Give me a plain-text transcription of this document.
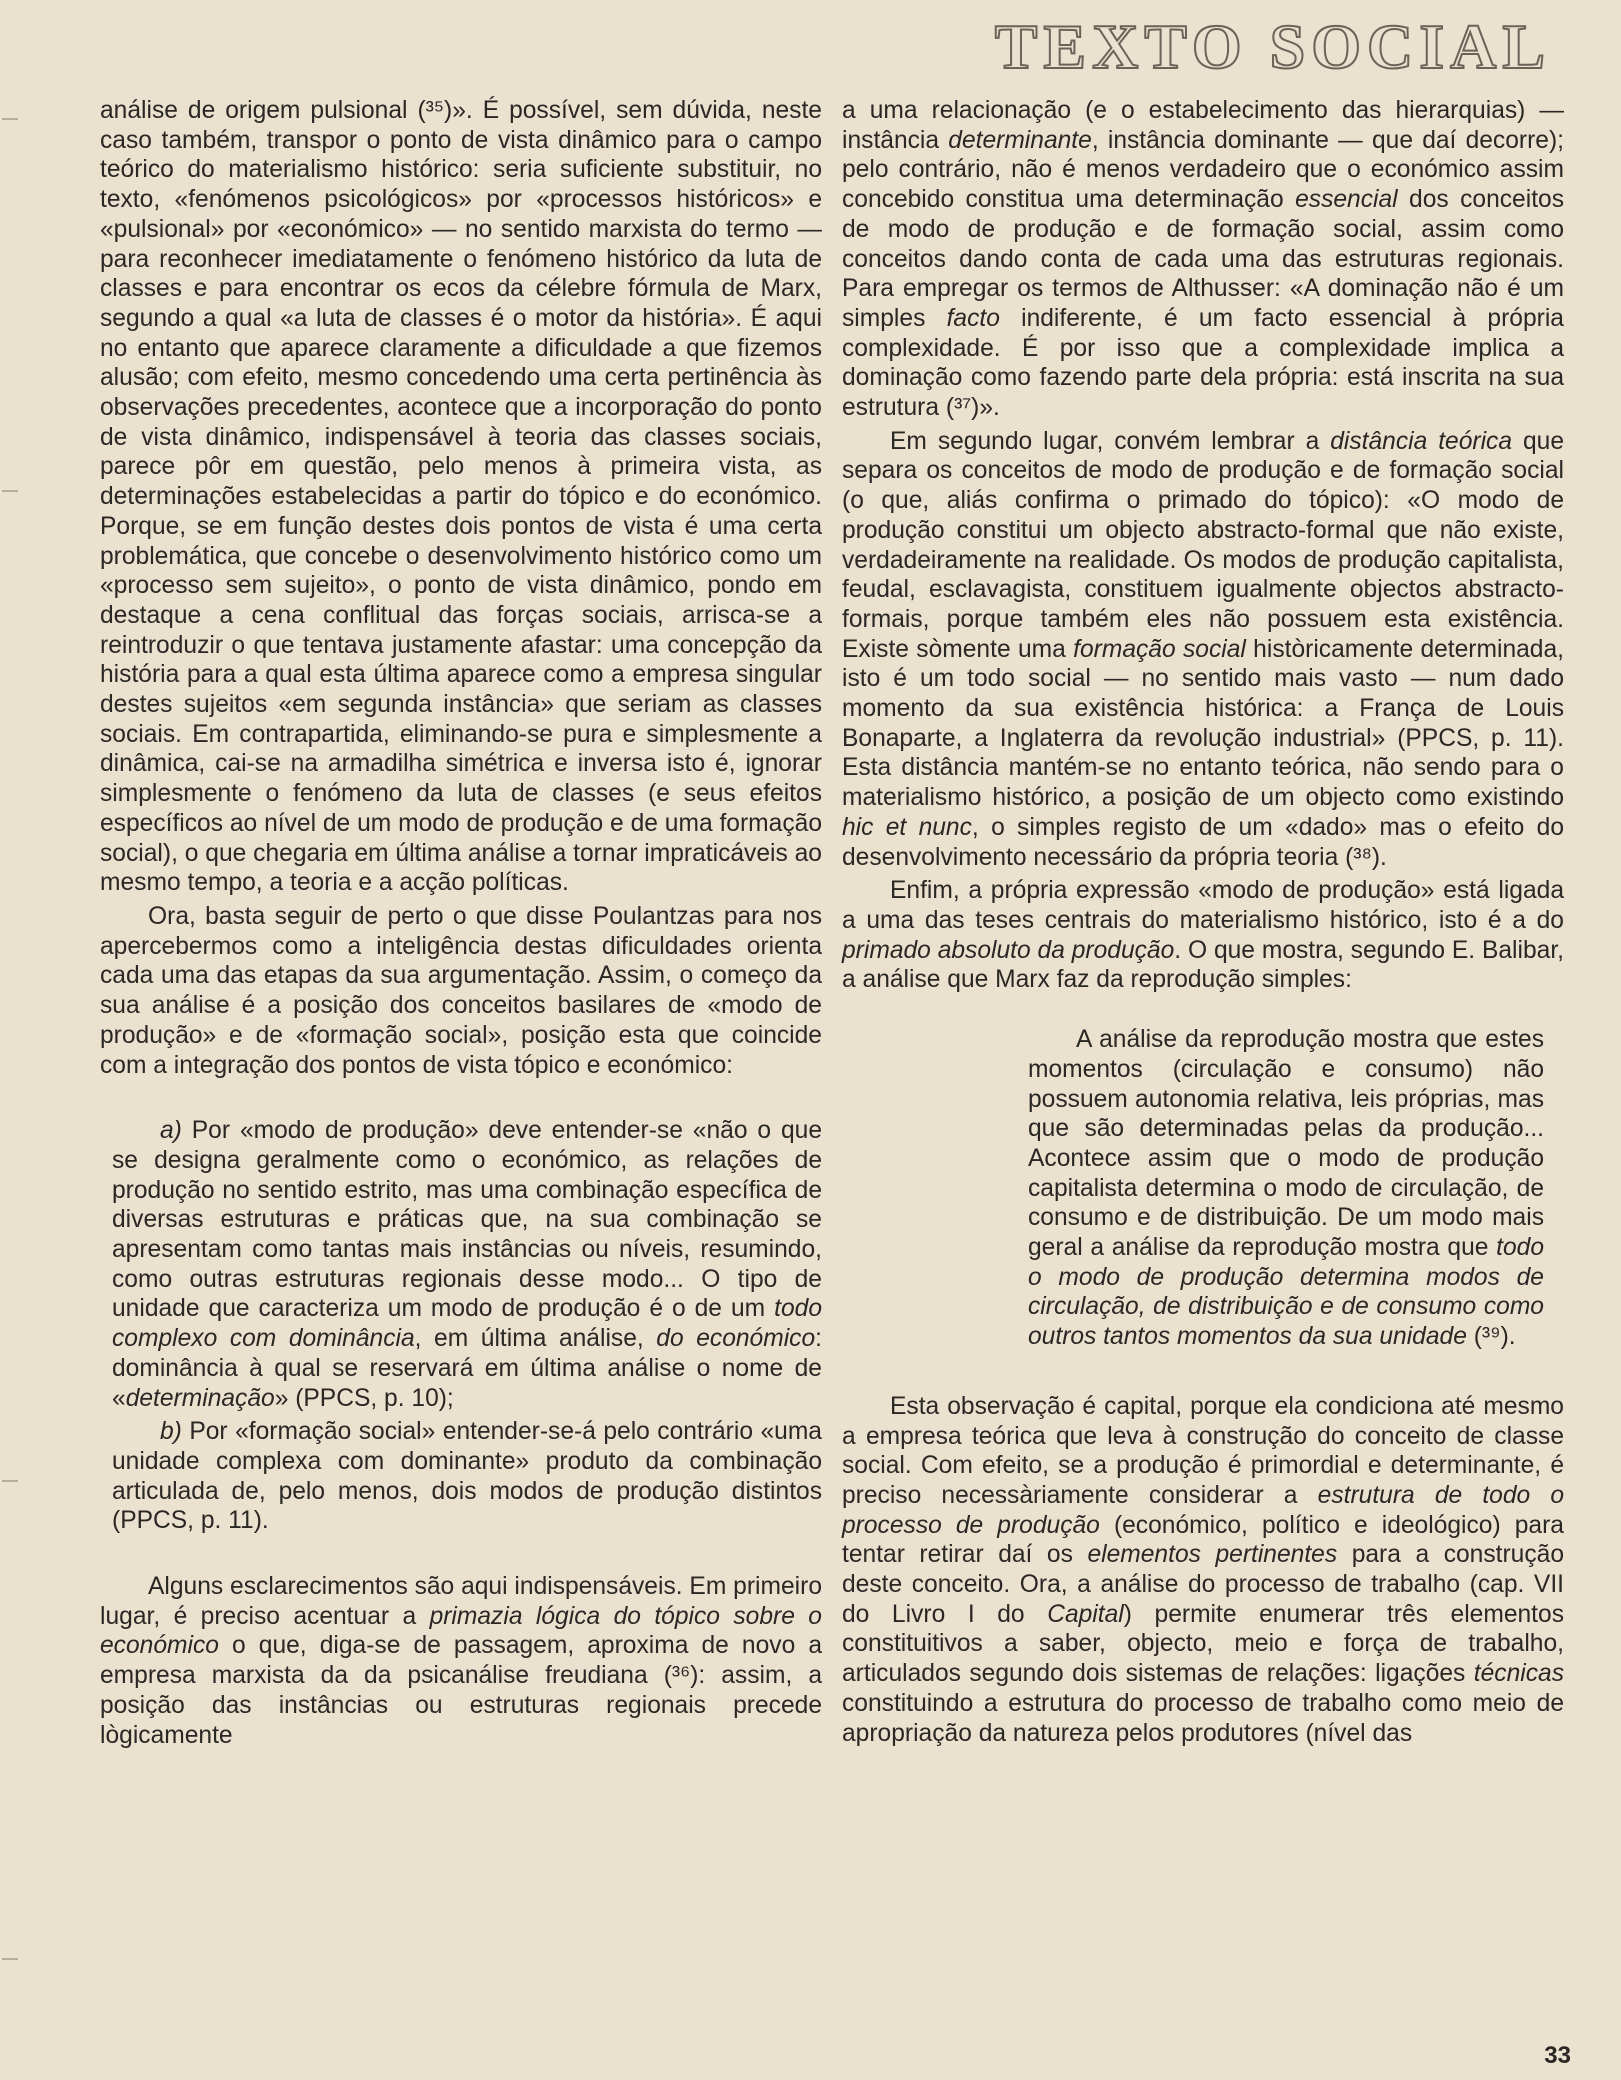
TEXTO SOCIAL

análise de origem pulsional (³⁵)». É possível, sem dúvida, neste caso também, transpor o ponto de vista dinâmico para o campo teórico do materialismo histórico: seria suficiente substituir, no texto, «fenómenos psicológicos» por «processos históricos» e «pulsional» por «económico» — no sentido marxista do termo — para reconhecer imediatamente o fenómeno histórico da luta de classes e para encontrar os ecos da célebre fórmula de Marx, segundo a qual «a luta de classes é o motor da história». É aqui no entanto que aparece claramente a dificuldade a que fizemos alusão; com efeito, mesmo concedendo uma certa pertinência às observações precedentes, acontece que a incorporação do ponto de vista dinâmico, indispensável à teoria das classes sociais, parece pôr em questão, pelo menos à primeira vista, as determinações estabelecidas a partir do tópico e do económico. Porque, se em função destes dois pontos de vista é uma certa problemática, que concebe o desenvolvimento histórico como um «processo sem sujeito», o ponto de vista dinâmico, pondo em destaque a cena conflitual das forças sociais, arrisca-se a reintroduzir o que tentava justamente afastar: uma concepção da história para a qual esta última aparece como a empresa singular destes sujeitos «em segunda instância» que seriam as classes sociais. Em contrapartida, eliminando-se pura e simplesmente a dinâmica, cai-se na armadilha simétrica e inversa isto é, ignorar simplesmente o fenómeno da luta de classes (e seus efeitos específicos ao nível de um modo de produção e de uma formação social), o que chegaria em última análise a tornar impraticáveis ao mesmo tempo, a teoria e a acção políticas.

Ora, basta seguir de perto o que disse Poulantzas para nos apercebermos como a inteligência destas dificuldades orienta cada uma das etapas da sua argumentação. Assim, o começo da sua análise é a posição dos conceitos basilares de «modo de produção» e de «formação social», posição esta que coincide com a integração dos pontos de vista tópico e económico:

a) Por «modo de produção» deve entender-se «não o que se designa geralmente como o económico, as relações de produção no sentido estrito, mas uma combinação específica de diversas estruturas e práticas que, na sua combinação se apresentam como tantas mais instâncias ou níveis, resumindo, como outras estruturas regionais desse modo... O tipo de unidade que caracteriza um modo de produção é o de um todo complexo com dominância, em última análise, do económico: dominância à qual se reservará em última análise o nome de «determinação» (PPCS, p. 10);

b) Por «formação social» entender-se-á pelo contrário «uma unidade complexa com dominante» produto da combinação articulada de, pelo menos, dois modos de produção distintos (PPCS, p. 11).

Alguns esclarecimentos são aqui indispensáveis. Em primeiro lugar, é preciso acentuar a primazia lógica do tópico sobre o económico o que, diga-se de passagem, aproxima de novo a empresa marxista da da psicanálise freudiana (³⁶): assim, a posição das instâncias ou estruturas regionais precede lògicamente

a uma relacionação (e o estabelecimento das hierarquias) — instância determinante, instância dominante — que daí decorre); pelo contrário, não é menos verdadeiro que o económico assim concebido constitua uma determinação essencial dos conceitos de modo de produção e de formação social, assim como conceitos dando conta de cada uma das estruturas regionais. Para empregar os termos de Althusser: «A dominação não é um simples facto indiferente, é um facto essencial à própria complexidade. É por isso que a complexidade implica a dominação como fazendo parte dela própria: está inscrita na sua estrutura (³⁷)».

Em segundo lugar, convém lembrar a distância teórica que separa os conceitos de modo de produção e de formação social (o que, aliás confirma o primado do tópico): «O modo de produção constitui um objecto abstracto-formal que não existe, verdadeiramente na realidade. Os modos de produção capitalista, feudal, esclavagista, constituem igualmente objectos abstracto-formais, porque também eles não possuem esta existência. Existe sòmente uma formação social històricamente determinada, isto é um todo social — no sentido mais vasto — num dado momento da sua existência histórica: a França de Louis Bonaparte, a Inglaterra da revolução industrial» (PPCS, p. 11). Esta distância mantém-se no entanto teórica, não sendo para o materialismo histórico, a posição de um objecto como existindo hic et nunc, o simples registo de um «dado» mas o efeito do desenvolvimento necessário da própria teoria (³⁸).

Enfim, a própria expressão «modo de produção» está ligada a uma das teses centrais do materialismo histórico, isto é a do primado absoluto da produção. O que mostra, segundo E. Balibar, a análise que Marx faz da reprodução simples:

A análise da reprodução mostra que estes momentos (circulação e consumo) não possuem autonomia relativa, leis próprias, mas que são determinadas pelas da produção... Acontece assim que o modo de produção capitalista determina o modo de circulação, de consumo e de distribuição. De um modo mais geral a análise da reprodução mostra que todo o modo de produção determina modos de circulação, de distribuição e de consumo como outros tantos momentos da sua unidade (³⁹).

Esta observação é capital, porque ela condiciona até mesmo a empresa teórica que leva à construção do conceito de classe social. Com efeito, se a produção é primordial e determinante, é preciso necessàriamente considerar a estrutura de todo o processo de produção (económico, político e ideológico) para tentar retirar daí os elementos pertinentes para a construção deste conceito. Ora, a análise do processo de trabalho (cap. VII do Livro I do Capital) permite enumerar três elementos constituitivos a saber, objecto, meio e força de trabalho, articulados segundo dois sistemas de relações: ligações técnicas constituindo a estrutura do processo de trabalho como meio de apropriação da natureza pelos produtores (nível das

33
